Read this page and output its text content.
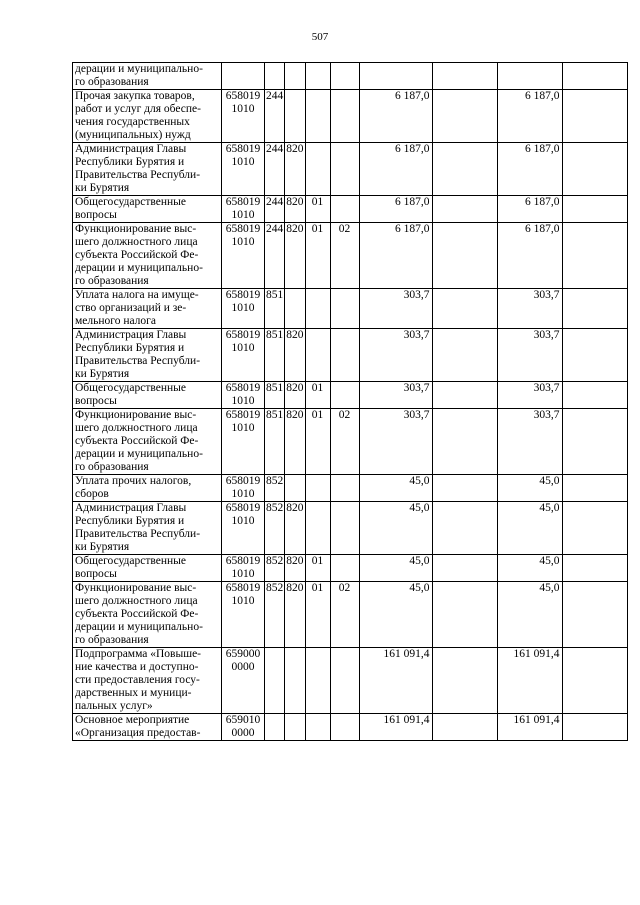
507
дерации и муниципально-
го образования									
Прочая закупка товаров,
работ и услуг для обеспе-
чения государственных
(муниципальных) нужд	658019
1010	244				6 187,0		6 187,0	
Администрация Главы
Республики Бурятия и
Правительства Республи-
ки Бурятия	658019
1010	244	820			6 187,0		6 187,0	
Общегосударственные
вопросы	658019
1010	244	820	01		6 187,0		6 187,0	
Функционирование выс-
шего должностного лица
субъекта Российской Фе-
дерации и муниципально-
го образования	658019
1010	244	820	01	02	6 187,0		6 187,0	
Уплата налога на имуще-
ство организаций и зе-
мельного налога	658019
1010	851				303,7		303,7	
Администрация Главы
Республики Бурятия и
Правительства Республи-
ки Бурятия	658019
1010	851	820			303,7		303,7	
Общегосударственные
вопросы	658019
1010	851	820	01		303,7		303,7	
Функционирование выс-
шего должностного лица
субъекта Российской Фе-
дерации и муниципально-
го образования	658019
1010	851	820	01	02	303,7		303,7	
Уплата прочих налогов,
сборов	658019
1010	852				45,0		45,0	
Администрация Главы
Республики Бурятия и
Правительства Республи-
ки Бурятия	658019
1010	852	820			45,0		45,0	
Общегосударственные
вопросы	658019
1010	852	820	01		45,0		45,0	
Функционирование выс-
шего должностного лица
субъекта Российской Фе-
дерации и муниципально-
го образования	658019
1010	852	820	01	02	45,0		45,0	
Подпрограмма «Повыше-
ние качества и доступно-
сти предоставления госу-
дарственных и муници-
пальных услуг»	659000
0000					161 091,4		161 091,4	
Основное мероприятие
«Организация предостав-	659010
0000					161 091,4		161 091,4	
